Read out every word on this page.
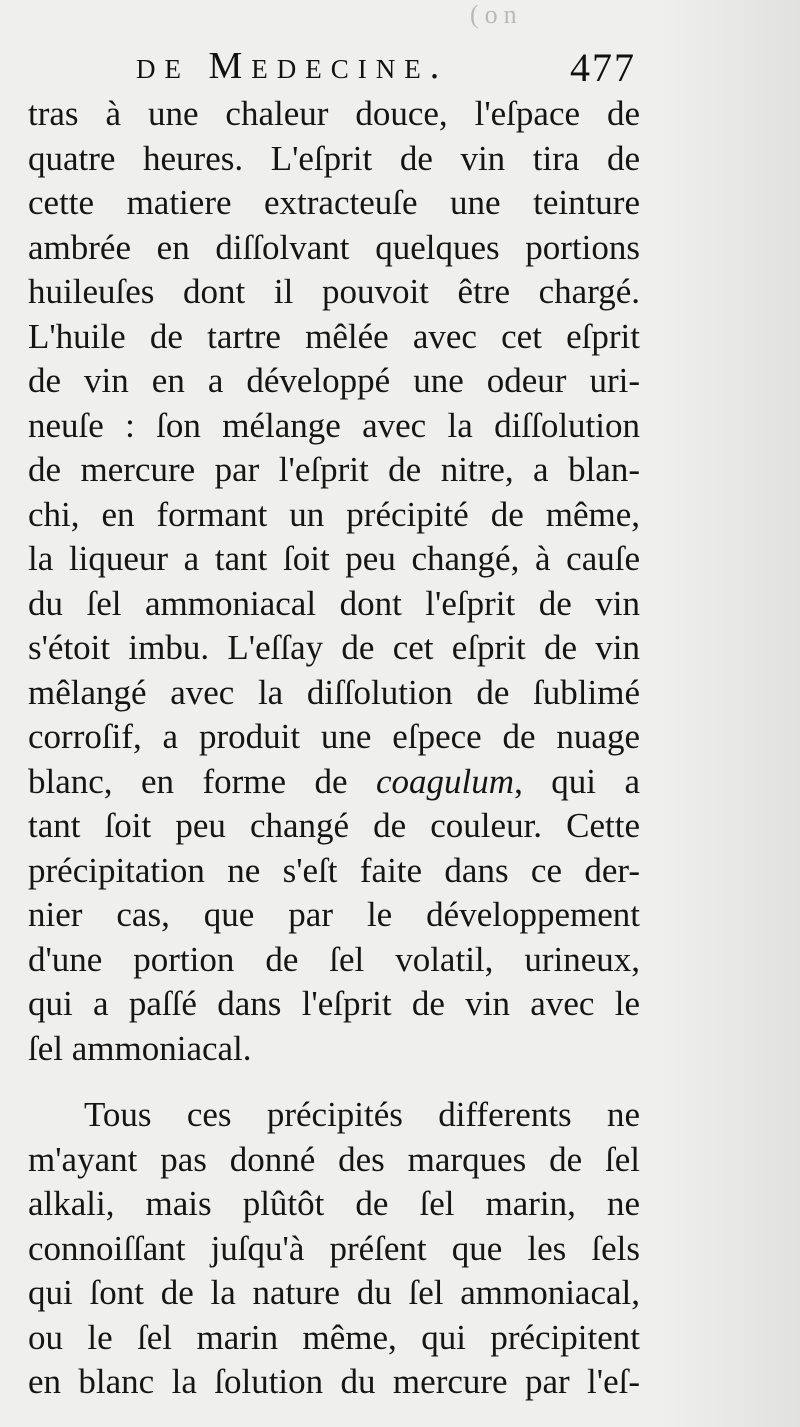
(on
de Medecine.	477
tras à une chaleur douce, l'eſpace de
quatre heures. L'eſprit de vin tira de
cette matiere extractеuſe une teinture
ambrée en diſſolvant quelques portions
huileuſes dont il pouvoit être chargé.
L'huile de tartre mêlée avec cet eſprit
de vin en a développé une odeur uri-
neuſe : ſon mélange avec la diſſolution
de mercure par l'eſprit de nitre, a blan-
chi, en formant un précipité de même,
la liqueur a tant ſoit peu changé, à cauſe
du ſel ammoniacal dont l'eſprit de vin
s'étoit imbu. L'eſſay de cet eſprit de vin
mêlangé avec la diſſolution de ſublimé
corroſif, a produit une eſpece de nuage
blanc, en forme de coagulum, qui a
tant ſoit peu changé de couleur. Cette
précipitation ne s'eſt faite dans ce der-
nier cas, que par le développement
d'une portion de ſel volatil, urineux,
qui a paſſé dans l'eſprit de vin avec le
ſel ammoniacal.
Tous ces précipités differents ne
m'ayant pas donné des marques de ſel
alkali, mais plûtôt de ſel marin, ne
connoiſſant juſqu'à préſent que les ſels
qui ſont de la nature du ſel ammoniacal,
ou le ſel marin même, qui précipitent
en blanc la ſolution du mercure par l'eſ-
